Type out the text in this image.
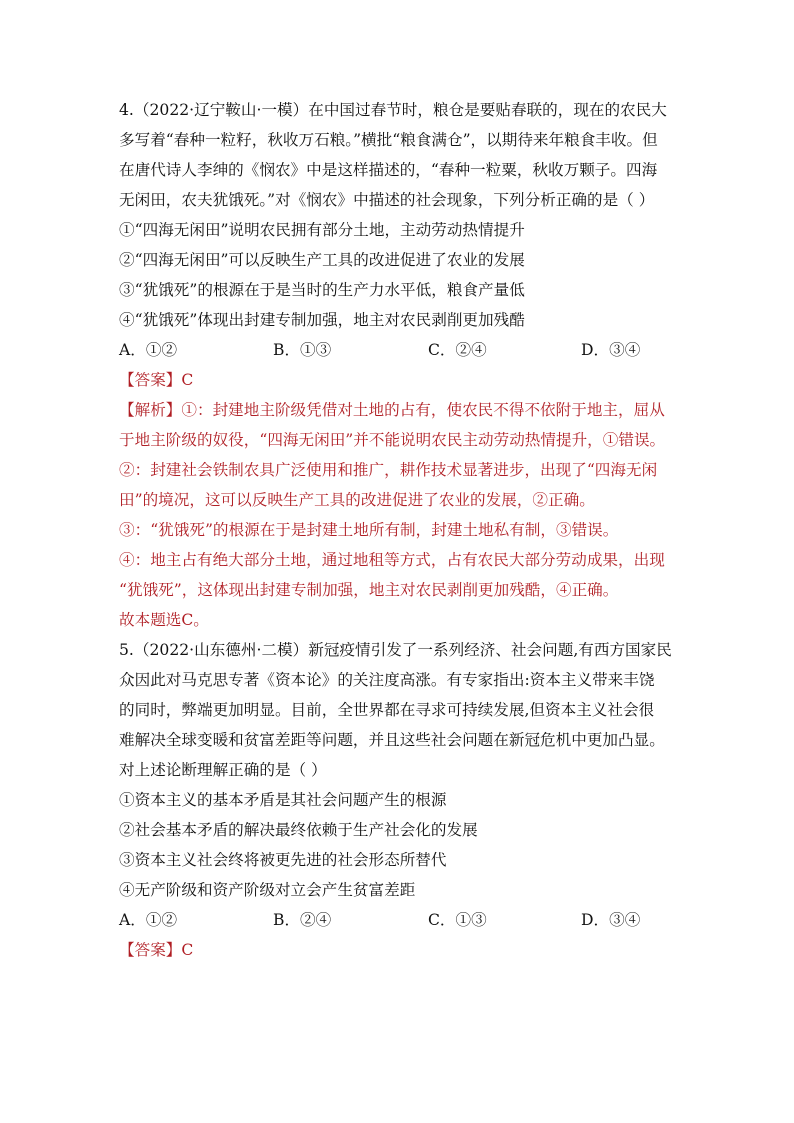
4.（2022·辽宁鞍山·一模）在中国过春节时，粮仓是要贴春联的，现在的农民大
多写着“春种一粒籽，秋收万石粮。”横批“粮食满仓”，以期待来年粮食丰收。但
在唐代诗人李绅的《悯农》中是这样描述的，“春种一粒粟，秋收万颗子。四海
无闲田，农夫犹饿死。”对《悯农》中描述的社会现象，下列分析正确的是（ ）
①“四海无闲田”说明农民拥有部分土地，主动劳动热情提升
②“四海无闲田”可以反映生产工具的改进促进了农业的发展
③“犹饿死”的根源在于是当时的生产力水平低，粮食产量低
④“犹饿死”体现出封建专制加强，地主对农民剥削更加残酷
A．①②	B．①③	C．②④	D．③④
【答案】C
【解析】①：封建地主阶级凭借对土地的占有，使农民不得不依附于地主，屈从
于地主阶级的奴役，“四海无闲田”并不能说明农民主动劳动热情提升，①错误。
②：封建社会铁制农具广泛使用和推广，耕作技术显著进步，出现了“四海无闲
田”的境况，这可以反映生产工具的改进促进了农业的发展，②正确。
③：“犹饿死”的根源在于是封建土地所有制，封建土地私有制，③错误。
④：地主占有绝大部分土地，通过地租等方式，占有农民大部分劳动成果，出现
“犹饿死”，这体现出封建专制加强，地主对农民剥削更加残酷，④正确。
故本题选C。
5.（2022·山东德州·二模）新冠疫情引发了一系列经济、社会问题,有西方国家民
众因此对马克思专著《资本论》的关注度高涨。有专家指出:资本主义带来丰饶
的同时，弊端更加明显。目前，全世界都在寻求可持续发展,但资本主义社会很
难解决全球变暖和贫富差距等问题，并且这些社会问题在新冠危机中更加凸显。
对上述论断理解正确的是（ ）
①资本主义的基本矛盾是其社会问题产生的根源
②社会基本矛盾的解决最终依赖于生产社会化的发展
③资本主义社会终将被更先进的社会形态所替代
④无产阶级和资产阶级对立会产生贫富差距
A．①②	B．②④	C．①③	D．③④
【答案】C
